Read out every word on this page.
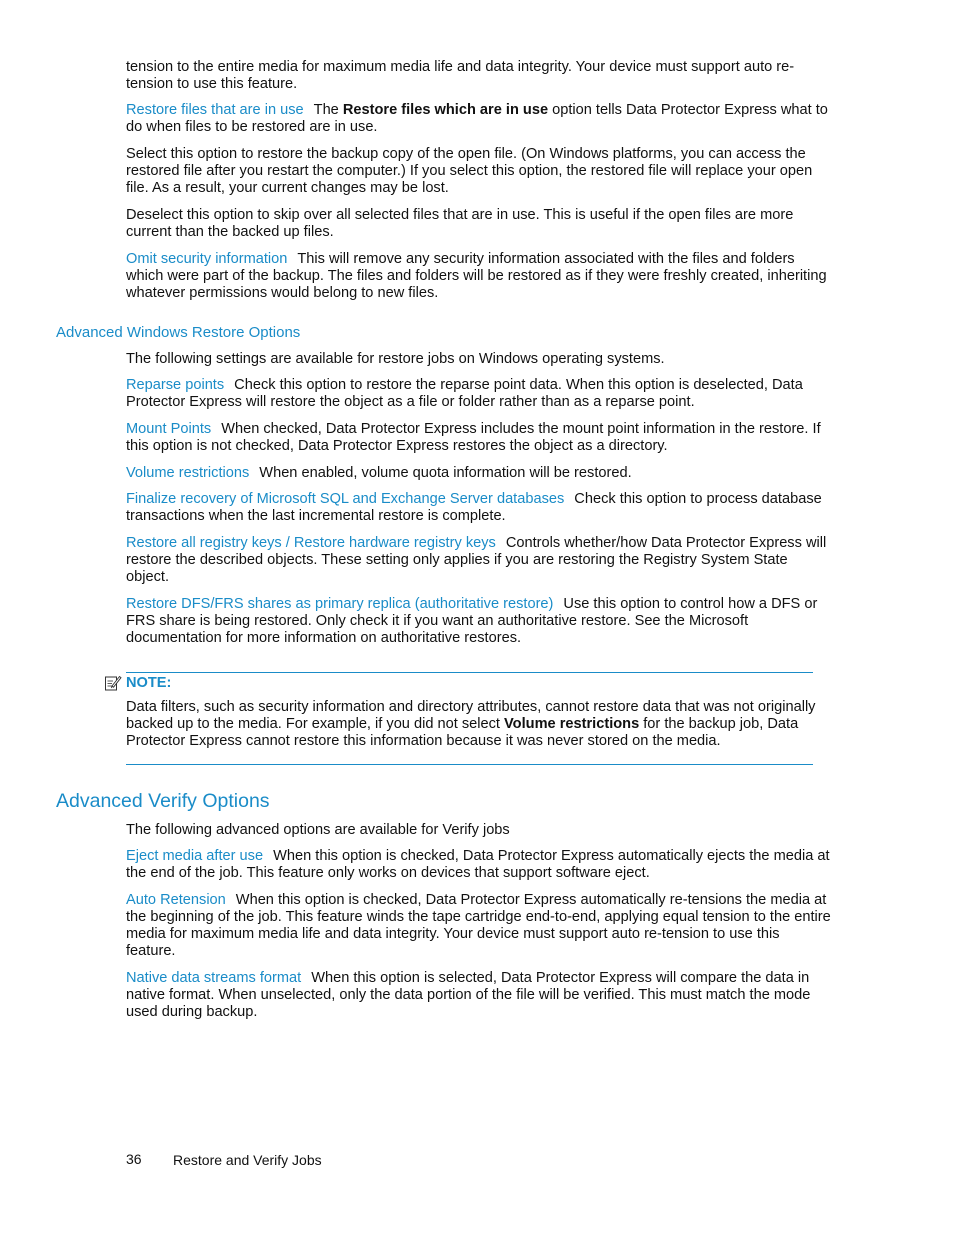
tension to the entire media for maximum media life and data integrity. Your device must support auto re-tension to use this feature.

Restore files that are in use The Restore files which are in use option tells Data Protector Express what to do when files to be restored are in use.

Select this option to restore the backup copy of the open file. (On Windows platforms, you can access the restored file after you restart the computer.) If you select this option, the restored file will replace your open file. As a result, your current changes may be lost.

Deselect this option to skip over all selected files that are in use. This is useful if the open files are more current than the backed up files.

Omit security information This will remove any security information associated with the files and folders which were part of the backup. The files and folders will be restored as if they were freshly created, inheriting whatever permissions would belong to new files.

Advanced Windows Restore Options

The following settings are available for restore jobs on Windows operating systems.

Reparse points Check this option to restore the reparse point data. When this option is deselected, Data Protector Express will restore the object as a file or folder rather than as a reparse point.

Mount Points When checked, Data Protector Express includes the mount point information in the restore. If this option is not checked, Data Protector Express restores the object as a directory.

Volume restrictions When enabled, volume quota information will be restored.

Finalize recovery of Microsoft SQL and Exchange Server databases Check this option to process database transactions when the last incremental restore is complete.

Restore all registry keys / Restore hardware registry keys Controls whether/how Data Protector Express will restore the described objects. These setting only applies if you are restoring the Registry System State object.

Restore DFS/FRS shares as primary replica (authoritative restore) Use this option to control how a DFS or FRS share is being restored. Only check it if you want an authoritative restore. See the Microsoft documentation for more information on authoritative restores.

NOTE:

Data filters, such as security information and directory attributes, cannot restore data that was not originally backed up to the media. For example, if you did not select Volume restrictions for the backup job, Data Protector Express cannot restore this information because it was never stored on the media.

Advanced Verify Options

The following advanced options are available for Verify jobs

Eject media after use When this option is checked, Data Protector Express automatically ejects the media at the end of the job. This feature only works on devices that support software eject.

Auto Retension When this option is checked, Data Protector Express automatically re-tensions the media at the beginning of the job. This feature winds the tape cartridge end-to-end, applying equal tension to the entire media for maximum media life and data integrity. Your device must support auto re-tension to use this feature.

Native data streams format When this option is selected, Data Protector Express will compare the data in native format. When unselected, only the data portion of the file will be verified. This must match the mode used during backup.

36 Restore and Verify Jobs
